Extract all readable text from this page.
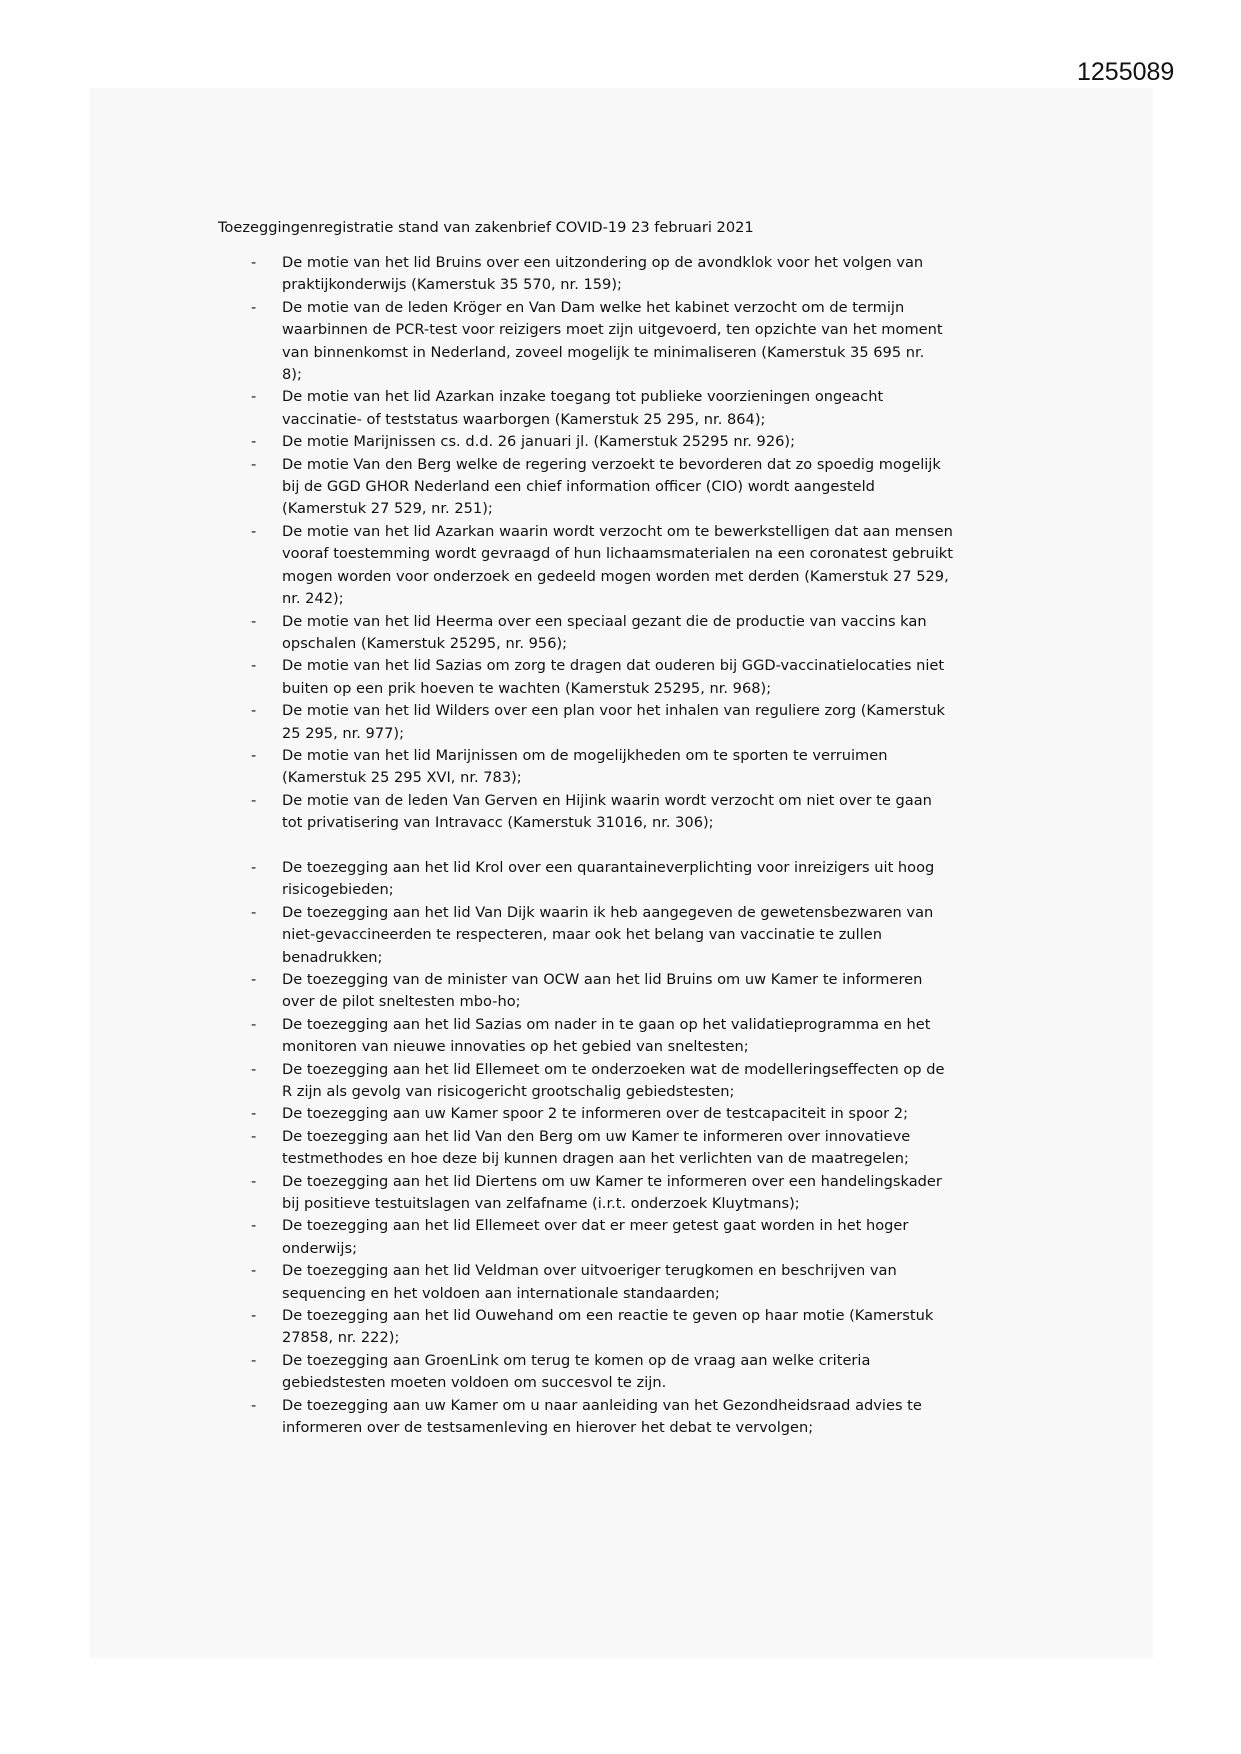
1255089
Toezeggingenregistratie stand van zakenbrief COVID-19 23 februari 2021
- De motie van het lid Bruins over een uitzondering op de avondklok voor het volgen van
praktijkonderwijs (Kamerstuk 35 570, nr. 159);
- De motie van de leden Kröger en Van Dam welke het kabinet verzocht om de termijn
waarbinnen de PCR-test voor reizigers moet zijn uitgevoerd, ten opzichte van het moment
van binnenkomst in Nederland, zoveel mogelijk te minimaliseren (Kamerstuk 35 695 nr.
8);
- De motie van het lid Azarkan inzake toegang tot publieke voorzieningen ongeacht
vaccinatie- of teststatus waarborgen (Kamerstuk 25 295, nr. 864);
- De motie Marijnissen cs. d.d. 26 januari jl. (Kamerstuk 25295 nr. 926);
- De motie Van den Berg welke de regering verzoekt te bevorderen dat zo spoedig mogelijk
bij de GGD GHOR Nederland een chief information officer (CIO) wordt aangesteld
(Kamerstuk 27 529, nr. 251);
- De motie van het lid Azarkan waarin wordt verzocht om te bewerkstelligen dat aan mensen
vooraf toestemming wordt gevraagd of hun lichaamsmaterialen na een coronatest gebruikt
mogen worden voor onderzoek en gedeeld mogen worden met derden (Kamerstuk 27 529,
nr. 242);
- De motie van het lid Heerma over een speciaal gezant die de productie van vaccins kan
opschalen (Kamerstuk 25295, nr. 956);
- De motie van het lid Sazias om zorg te dragen dat ouderen bij GGD-vaccinatielocaties niet
buiten op een prik hoeven te wachten (Kamerstuk 25295, nr. 968);
- De motie van het lid Wilders over een plan voor het inhalen van reguliere zorg (Kamerstuk
25 295, nr. 977);
- De motie van het lid Marijnissen om de mogelijkheden om te sporten te verruimen
(Kamerstuk 25 295 XVI, nr. 783);
- De motie van de leden Van Gerven en Hijink waarin wordt verzocht om niet over te gaan
tot privatisering van Intravacc (Kamerstuk 31016, nr. 306);
- De toezegging aan het lid Krol over een quarantaineverplichting voor inreizigers uit hoog
risicogebieden;
- De toezegging aan het lid Van Dijk waarin ik heb aangegeven de gewetensbezwaren van
niet-gevaccineerden te respecteren, maar ook het belang van vaccinatie te zullen
benadrukken;
- De toezegging van de minister van OCW aan het lid Bruins om uw Kamer te informeren
over de pilot sneltesten mbo-ho;
- De toezegging aan het lid Sazias om nader in te gaan op het validatieprogramma en het
monitoren van nieuwe innovaties op het gebied van sneltesten;
- De toezegging aan het lid Ellemeet om te onderzoeken wat de modelleringseffecten op de
R zijn als gevolg van risicogericht grootschalig gebiedstesten;
- De toezegging aan uw Kamer spoor 2 te informeren over de testcapaciteit in spoor 2;
- De toezegging aan het lid Van den Berg om uw Kamer te informeren over innovatieve
testmethodes en hoe deze bij kunnen dragen aan het verlichten van de maatregelen;
- De toezegging aan het lid Diertens om uw Kamer te informeren over een handelingskader
bij positieve testuitslagen van zelfafname (i.r.t. onderzoek Kluytmans);
- De toezegging aan het lid Ellemeet over dat er meer getest gaat worden in het hoger
onderwijs;
- De toezegging aan het lid Veldman over uitvoeriger terugkomen en beschrijven van
sequencing en het voldoen aan internationale standaarden;
- De toezegging aan het lid Ouwehand om een reactie te geven op haar motie (Kamerstuk
27858, nr. 222);
- De toezegging aan GroenLink om terug te komen op de vraag aan welke criteria
gebiedstesten moeten voldoen om succesvol te zijn.
- De toezegging aan uw Kamer om u naar aanleiding van het Gezondheidsraad advies te
informeren over de testsamenleving en hierover het debat te vervolgen;
